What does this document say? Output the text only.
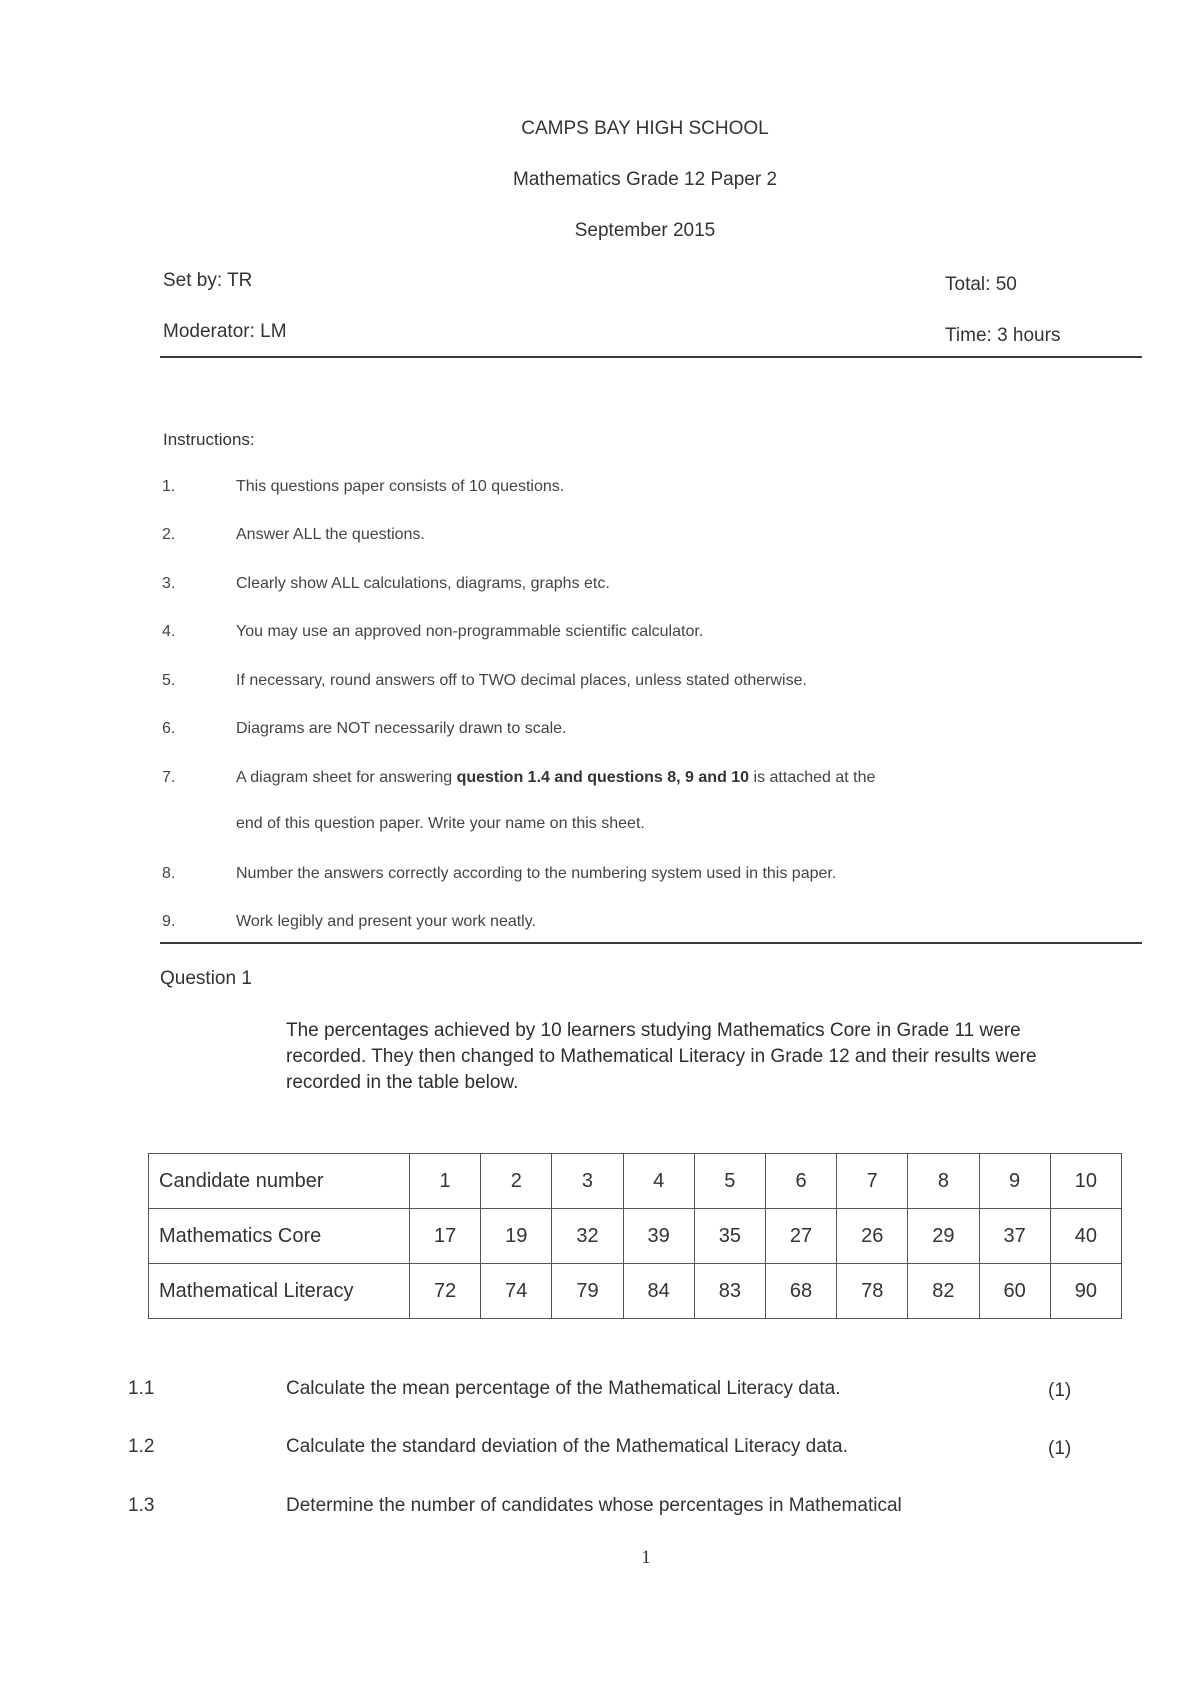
CAMPS BAY HIGH SCHOOL
Mathematics Grade 12 Paper 2
September 2015
Set by: TR	Total: 50
Moderator: LM	Time: 3 hours
Instructions:
1.	This questions paper consists of 10 questions.
2.	Answer ALL the questions.
3.	Clearly show ALL calculations, diagrams, graphs etc.
4.	You may use an approved non-programmable scientific calculator.
5.	If necessary, round answers off to TWO decimal places, unless stated otherwise.
6.	Diagrams are NOT necessarily drawn to scale.
7.	A diagram sheet for answering question 1.4 and questions 8, 9 and 10 is attached at the
end of this question paper. Write your name on this sheet.
8.	Number the answers correctly according to the numbering system used in this paper.
9.	Work legibly and present your work neatly.
Question 1
The percentages achieved by 10 learners studying Mathematics Core in Grade 11 were recorded. They then changed to Mathematical Literacy in Grade 12 and their results were recorded in the table below.
Candidate number	1	2	3	4	5	6	7	8	9	10
Mathematics Core	17	19	32	39	35	27	26	29	37	40
Mathematical Literacy	72	74	79	84	83	68	78	82	60	90
1.1	Calculate the mean percentage of the Mathematical Literacy data.	(1)
1.2	Calculate the standard deviation of the Mathematical Literacy data.	(1)
1.3	Determine the number of candidates whose percentages in Mathematical
1
